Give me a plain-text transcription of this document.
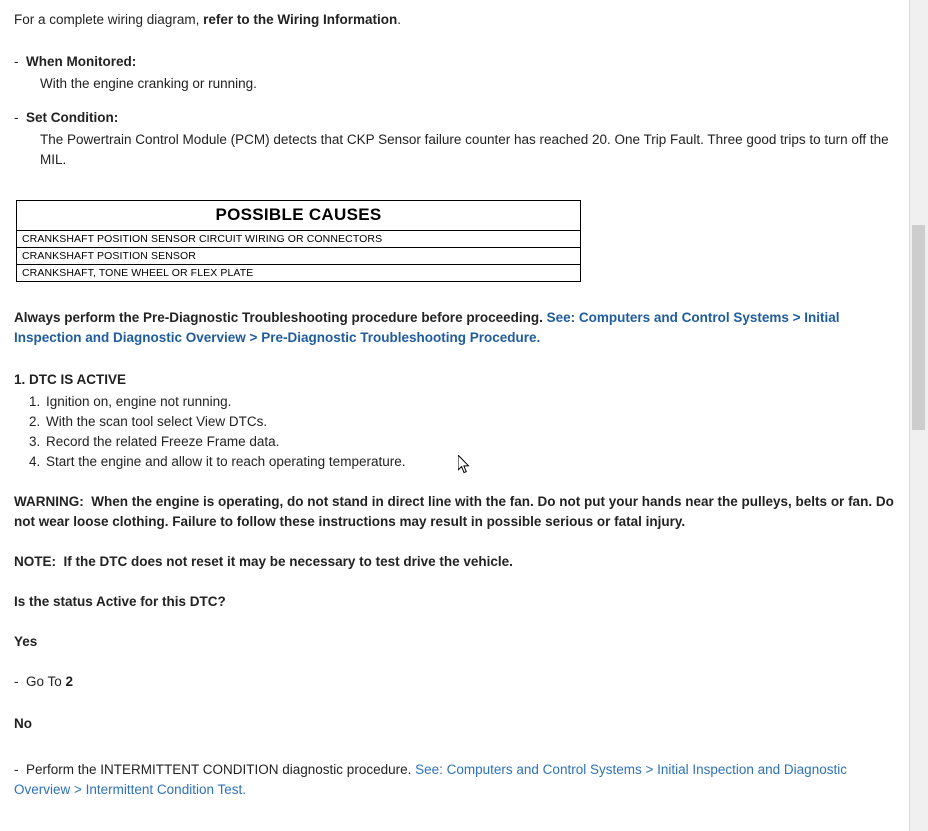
For a complete wiring diagram, refer to the Wiring Information.

- When Monitored:

With the engine cranking or running.

- Set Condition:

The Powertrain Control Module (PCM) detects that CKP Sensor failure counter has reached 20. One Trip Fault. Three good trips to turn off the MIL.

POSSIBLE CAUSES
CRANKSHAFT POSITION SENSOR CIRCUIT WIRING OR CONNECTORS
CRANKSHAFT POSITION SENSOR
CRANKSHAFT, TONE WHEEL OR FLEX PLATE

Always perform the Pre-Diagnostic Troubleshooting procedure before proceeding. See: Computers and Control Systems > Initial Inspection and Diagnostic Overview > Pre-Diagnostic Troubleshooting Procedure.

1. DTC IS ACTIVE

1. Ignition on, engine not running.
2. With the scan tool select View DTCs.
3. Record the related Freeze Frame data.
4. Start the engine and allow it to reach operating temperature.

WARNING: When the engine is operating, do not stand in direct line with the fan. Do not put your hands near the pulleys, belts or fan. Do not wear loose clothing. Failure to follow these instructions may result in possible serious or fatal injury.

NOTE: If the DTC does not reset it may be necessary to test drive the vehicle.

Is the status Active for this DTC?

Yes

- Go To 2

No

- Perform the INTERMITTENT CONDITION diagnostic procedure. See: Computers and Control Systems > Initial Inspection and Diagnostic Overview > Intermittent Condition Test.
